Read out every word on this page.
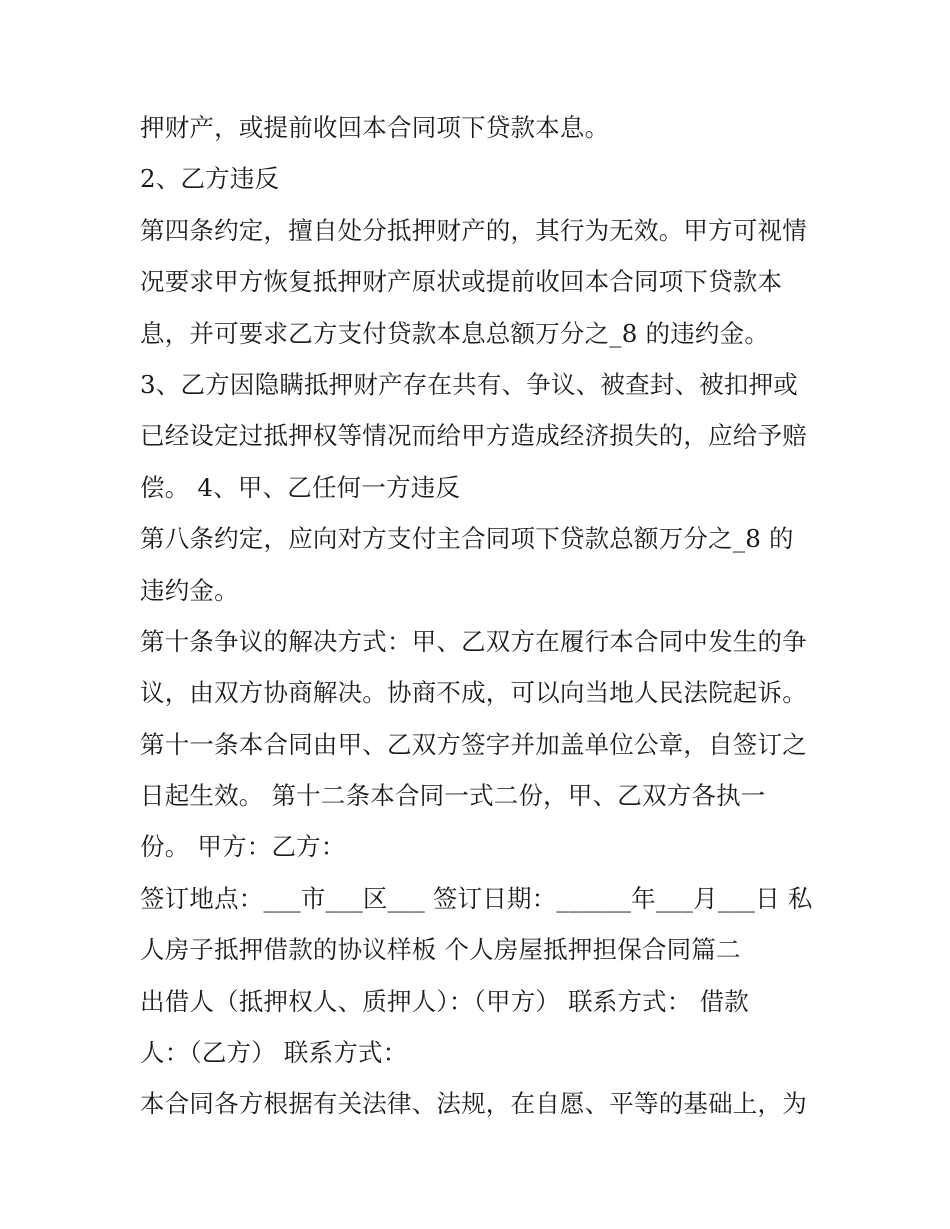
押财产，或提前收回本合同项下贷款本息。
2、乙方违反
第四条约定，擅自处分抵押财产的，其行为无效。甲方可视情
况要求甲方恢复抵押财产原状或提前收回本合同项下贷款本
息，并可要求乙方支付贷款本息总额万分之_8 的违约金。
3、乙方因隐瞒抵押财产存在共有、争议、被查封、被扣押或
已经设定过抵押权等情况而给甲方造成经济损失的，应给予赔
偿。 4、甲、乙任何一方违反
第八条约定，应向对方支付主合同项下贷款总额万分之_8 的
违约金。
第十条争议的解决方式：甲、乙双方在履行本合同中发生的争
议，由双方协商解决。协商不成，可以向当地人民法院起诉。
第十一条本合同由甲、乙双方签字并加盖单位公章，自签订之
日起生效。 第十二条本合同一式二份，甲、乙双方各执一
份。 甲方：乙方：
签订地点：___市___区___ 签订日期：______年___月___日 私
人房子抵押借款的协议样板 个人房屋抵押担保合同篇二
出借人（抵押权人、质押人）：（甲方） 联系方式： 借款
人：（乙方） 联系方式：
本合同各方根据有关法律、法规，在自愿、平等的基础上，为
